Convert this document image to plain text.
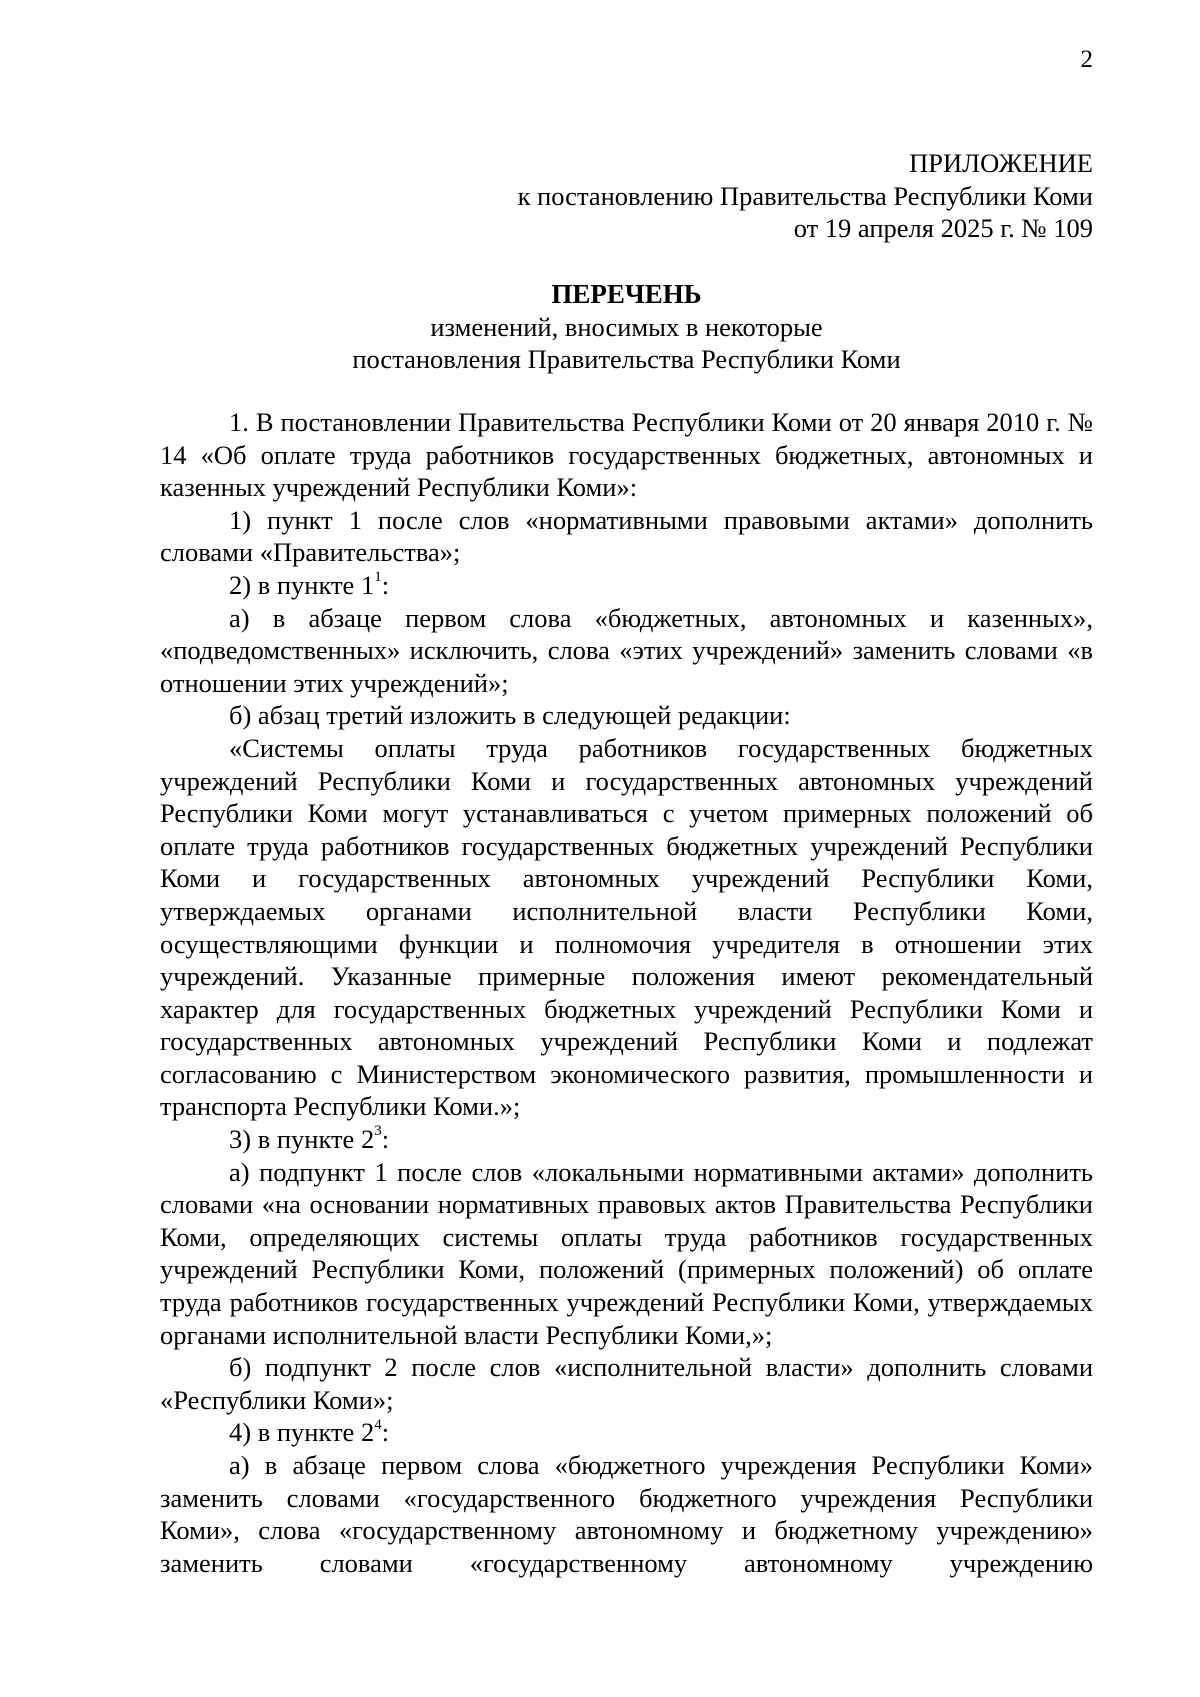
2
ПРИЛОЖЕНИЕ
к постановлению Правительства Республики Коми
от 19 апреля 2025 г. № 109
ПЕРЕЧЕНЬ
изменений, вносимых в некоторые
постановления Правительства Республики Коми

1. В постановлении Правительства Республики Коми от 20 января 2010 г. № 14 «Об оплате труда работников государственных бюджетных, автономных и казенных учреждений Республики Коми»:

1) пункт 1 после слов «нормативными правовыми актами» дополнить словами «Правительства»;

2) в пункте $1^1$:

а) в абзаце первом слова «бюджетных, автономных и казенных», «подведомственных» исключить, слова «этих учреждений» заменить словами «в отношении этих учреждений»;

б) абзац третий изложить в следующей редакции:

«Системы оплаты труда работников государственных бюджетных учреждений Республики Коми и государственных автономных учреждений Республики Коми могут устанавливаться с учетом примерных положений об оплате труда работников государственных бюджетных учреждений Республики Коми и государственных автономных учреждений Республики Коми, утверждаемых органами исполнительной власти Республики Коми, осуществляющими функции и полномочия учредителя в отношении этих учреждений. Указанные примерные положения имеют рекомендательный характер для государственных бюджетных учреждений Республики Коми и государственных автономных учреждений Республики Коми и подлежат согласованию с Министерством экономического развития, промышленности и транспорта Республики Коми.»;

3) в пункте $2^3$:

а) подпункт 1 после слов «локальными нормативными актами» дополнить словами «на основании нормативных правовых актов Правительства Республики Коми, определяющих системы оплаты труда работников государственных учреждений Республики Коми, положений (примерных положений) об оплате труда работников государственных учреждений Республики Коми, утверждаемых органами исполнительной власти Республики Коми,»;

б) подпункт 2 после слов «исполнительной власти» дополнить словами «Республики Коми»;

4) в пункте $2^4$:

а) в абзаце первом слова «бюджетного учреждения Республики Коми» заменить словами «государственного бюджетного учреждения Республики Коми», слова «государственному автономному и бюджетному учреждению» заменить словами «государственному автономному учреждению
